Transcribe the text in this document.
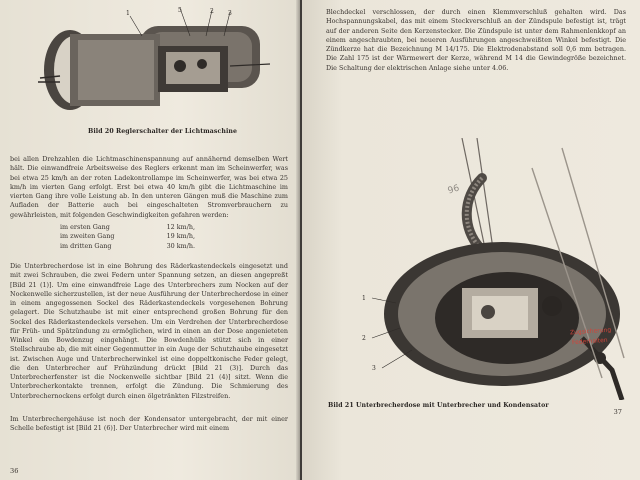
1	5	2 3
Bild 20 Reglerschalter der Lichtmaschine

bei allen Drehzahlen die Lichtmaschinenspannung auf annähernd demselben Wert hält. Die einwandfreie Arbeitsweise des Reglers erkennt man im Scheinwerfer, was bei etwa 25 km/h an der roten Ladekontrollampe im Scheinwerfer, was bei etwa 25 km/h im vierten Gang erfolgt. Erst bei etwa 40 km/h gibt die Lichtmaschine im vierten Gang ihre volle Leistung ab. In den unteren Gängen muß die Maschine zum Aufladen der Batterie auch bei eingeschalteten Stromverbrauchern zu gewährleisten, mit folgenden Geschwindigkeiten gefahren werden:

im ersten Gang	12 km/h,
im zweiten Gang	19 km/h,
im dritten Gang	30 km/h.

Die Unterbrecherdose ist in eine Bohrung des Räderkastendeckels eingesetzt und mit zwei Schrauben, die zwei Federn unter Spannung setzen, an diesen angepreßt [Bild 21 (1)]. Um eine einwandfreie Lage des Unterbrechers zum Nocken auf der Nockenwelle sicherzustellen, ist der neue Ausführung der Unterbrecherdose in einer in einem angegossenen Sockel des Räderkastendeckels vorgesehenen Bohrung gelagert. Die Schutzhaube ist mit einer entsprechend großen Bohrung für den Sockel des Räderkastendeckels versehen. Um ein Verdrehen der Unterbrecherdose für Früh- und Spätzündung zu ermöglichen, wird in einen an der Dose angenieteten Winkel ein Bowdenzug eingehängt. Die Bowdenhülle stützt sich in einer Stellschraube ab, die mit einer Gegenmutter in ein Auge der Schutzhaube eingesetzt ist. Zwischen Auge und Unterbrecherwinkel ist eine doppeltkonische Feder gelegt, die den Unterbrecher auf Frühzündung drückt [Bild 21 (3)]. Durch das Unterbrecherfenster ist die Nockenwelle sichtbar [Bild 21 (4)] sitzt. Wenn die Unterbrecherkontakte trennen, erfolgt die Zündung. Die Schmierung des Unterbrechernockens erfolgt durch einen ölgetränkten Filzstreifen.

Im Unterbrechergehäuse ist noch der Kondensator untergebracht, der mit einer Schelle befestigt ist [Bild 21 (6)]. Der Unterbrecher wird mit einem

36

Blechdeckel verschlossen, der durch einen Klemmverschluß gehalten wird. Das Hochspannungskabel, das mit einem Steckverschluß an der Zündspule befestigt ist, trägt auf der anderen Seite den Kerzenstecker. Die Zündspule ist unter dem Rahmenlenkkopf an einem angeschraubten, bei neueren Ausführungen angeschweißten Winkel befestigt. Die Zündkerze hat die Bezeichnung M 14/175. Die Elektrodenabstand soll 0,6 mm betragen. Die Zahl 175 ist der Wärmewert der Kerze, während M 14 die Gewindegröße bezeichnet. Die Schaltung der elektrischen Anlage siehe unter 4.06.

1
2
3
96
Zugsicherung
Federhalten
Bild 21 Unterbrecherdose mit Unterbrecher und Kondensator
37
